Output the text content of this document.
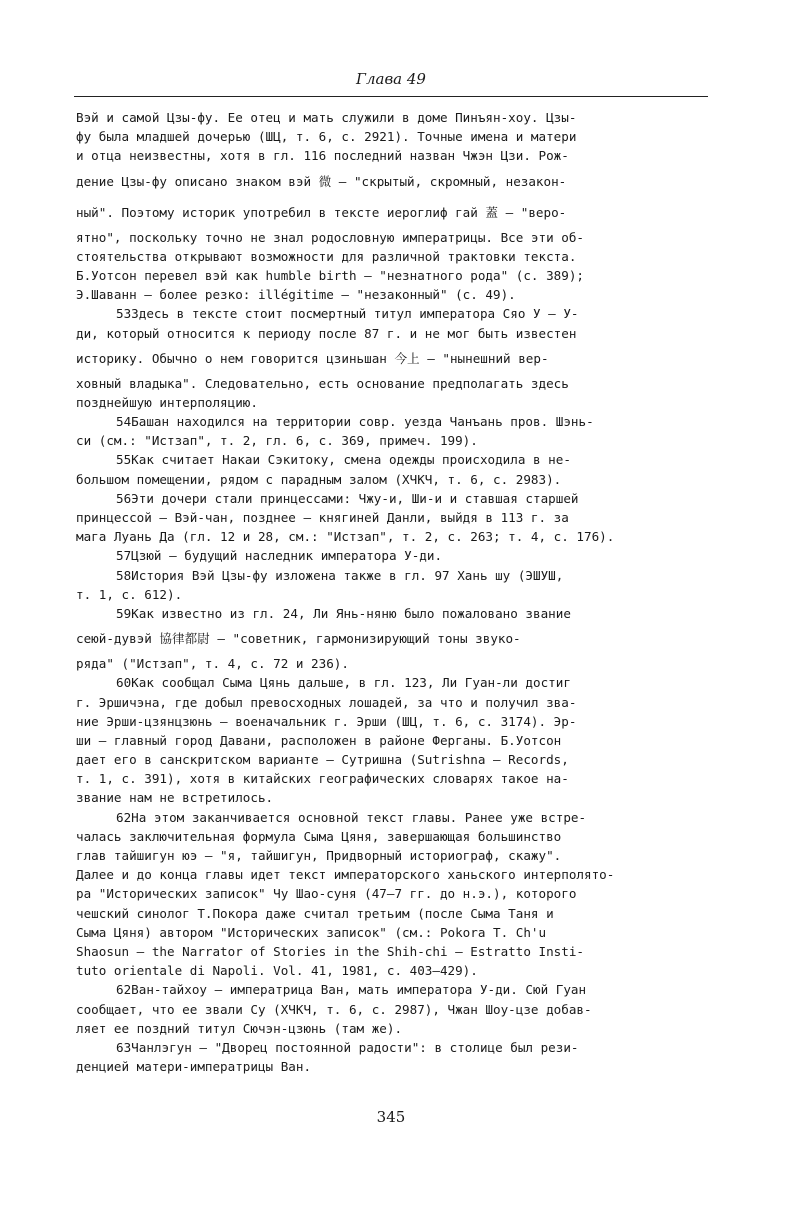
Глава 49
Вэй и самой Цзы-фу. Ее отец и мать служили в доме Пинъян-хоу. Цзы-
фу была младшей дочерью (ШЦ, т. 6, с. 2921). Точные имена и матери
и отца неизвестны, хотя в гл. 116 последний назван Чжэн Цзи. Рож-
дение Цзы-фу описано знаком вэй 微 – "скрытый, скромный, незакон-
ный". Поэтому историк употребил в тексте иероглиф гай 蓋 – "веро-
ятно", поскольку точно не знал родословную императрицы. Все эти об-
стоятельства открывают возможности для различной трактовки текста.
Б.Уотсон перевел вэй как humble birth – "незнатного рода" (с. 389);
Э.Шаванн – более резко: illégitime – "незаконный" (с. 49).
53Здесь в тексте стоит посмертный титул императора Сяо У – У-
ди, который относится к периоду после 87 г. и не мог быть известен
историку. Обычно о нем говорится цзиньшан 今上 – "нынешний вер-
ховный владыка". Следовательно, есть основание предполагать здесь
позднейшую интерполяцию.
54Башан находился на территории совр. уезда Чанъань пров. Шэнь-
си (см.: "Истзап", т. 2, гл. 6, с. 369, примеч. 199).
55Как считает Накаи Сэкитоку, смена одежды происходила в не-
большом помещении, рядом с парадным залом (ХЧКЧ, т. 6, с. 2983).
56Эти дочери стали принцессами: Чжу-и, Ши-и и ставшая старшей
принцессой – Вэй-чан, позднее – княгиней Данли, выйдя в 113 г. за
мага Луань Да (гл. 12 и 28, см.: "Истзап", т. 2, с. 263; т. 4, с. 176).
57Цзюй – будущий наследник императора У-ди.
58История Вэй Цзы-фу изложена также в гл. 97 Хань шу (ЭШУШ,
т. 1, с. 612).
59Как известно из гл. 24, Ли Янь-няню было пожаловано звание
сеюй-дувэй 協律都尉 – "советник, гармонизирующий тоны звуко-
ряда" ("Истзап", т. 4, с. 72 и 236).
60Как сообщал Сыма Цянь дальше, в гл. 123, Ли Гуан-ли достиг
г. Эршичэна, где добыл превосходных лошадей, за что и получил зва-
ние Эрши-цзянцзюнь – военачальник г. Эрши (ШЦ, т. 6, с. 3174). Эр-
ши – главный город Давани, расположен в районе Ферганы. Б.Уотсон
дает его в санскритском варианте – Сутришна (Sutrishna – Records,
т. 1, с. 391), хотя в китайских географических словарях такое на-
звание нам не встретилось.
62На этом заканчивается основной текст главы. Ранее уже встре-
чалась заключительная формула Сыма Цяня, завершающая большинство
глав тайшигун юэ – "я, тайшигун, Придворный историограф, скажу".
Далее и до конца главы идет текст императорского ханьского интерполято-
ра "Исторических записок" Чу Шао-суня (47–7 гг. до н.э.), которого
чешский синолог Т.Покора даже считал третьим (после Сыма Таня и
Сыма Цяня) автором "Исторических записок" (см.: Pokora T. Ch'u
Shaosun – the Narrator of Stories in the Shih-chi – Estratto Insti-
tuto orientale di Napoli. Vol. 41, 1981, c. 403–429).
62Ван-тайхоу – императрица Ван, мать императора У-ди. Сюй Гуан
сообщает, что ее звали Су (ХЧКЧ, т. 6, с. 2987), Чжан Шоу-цзе добав-
ляет ее поздний титул Сючэн-цзюнь (там же).
63Чанлэгун – "Дворец постоянной радости": в столице был рези-
денцией матери-императрицы Ван.
345
